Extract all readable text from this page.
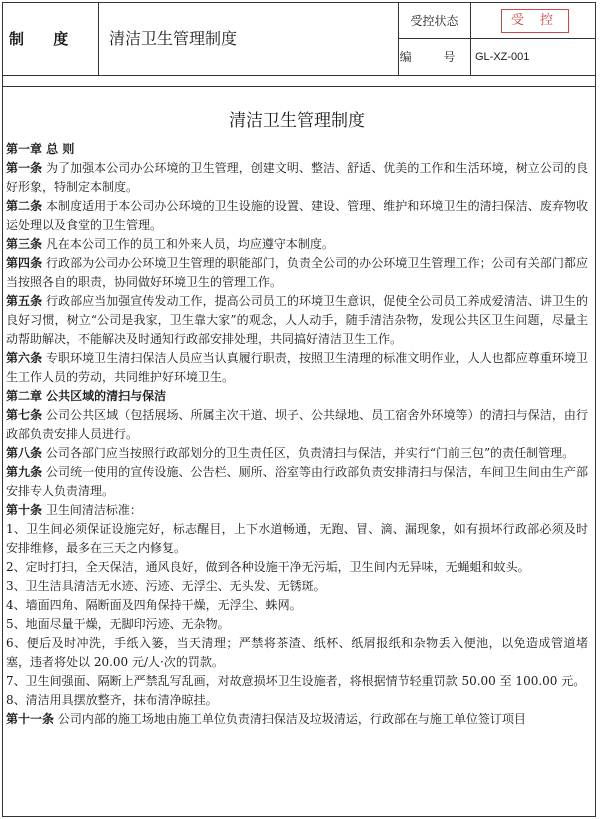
制 度	清洁卫生管理制度
受控状态	受 控
编 号 GL-XZ-001
清洁卫生管理制度

第一章 总 则

第一条 为了加强本公司办公环境的卫生管理，创建文明、整洁、舒适、优美的工作和生活环境，树立公司的良好形象，特制定本制度。

第二条 本制度适用于本公司办公环境的卫生设施的设置、建设、管理、维护和环境卫生的清扫保洁、废弃物收运处理以及食堂的卫生管理。

第三条 凡在本公司工作的员工和外来人员，均应遵守本制度。

第四条 行政部为公司办公环境卫生管理的职能部门，负责全公司的办公环境卫生管理工作；公司有关部门都应当按照各自的职责，协同做好环境卫生的管理工作。

第五条 行政部应当加强宣传发动工作，提高公司员工的环境卫生意识，促使全公司员工养成爱清洁、讲卫生的良好习惯，树立“公司是我家，卫生靠大家”的观念，人人动手，随手清洁杂物，发现公共区卫生问题，尽量主动帮助解决，不能解决及时通知行政部安排处理，共同搞好清洁卫生工作。

第六条 专职环境卫生清扫保洁人员应当认真履行职责，按照卫生清理的标准文明作业，人人也都应尊重环境卫生工作人员的劳动，共同维护好环境卫生。

第二章 公共区域的清扫与保洁

第七条 公司公共区域（包括展场、所属主次干道、坝子、公共绿地、员工宿舍外环境等）的清扫与保洁，由行政部负责安排人员进行。

第八条 公司各部门应当按照行政部划分的卫生责任区，负责清扫与保洁，并实行“门前三包”的责任制管理。

第九条 公司统一使用的宣传设施、公告栏、厕所、浴室等由行政部负责安排清扫与保洁，车间卫生间由生产部安排专人负责清理。

第十条 卫生间清洁标准：

1、卫生间必须保证设施完好，标志醒目，上下水道畅通，无跑、冒、滴、漏现象，如有损坏行政部必须及时安排维修，最多在三天之内修复。

2、定时打扫，全天保洁，通风良好，做到各种设施干净无污垢，卫生间内无异味，无蝇蛆和蚊头。

3、卫生洁具清洁无水迹、污迹、无浮尘、无头发、无锈斑。

4、墙面四角、隔断面及四角保持干燥，无浮尘、蛛网。

5、地面尽量干燥，无脚印污迹、无杂物。

6、便后及时冲洗，手纸入篓，当天清理；严禁将茶渣、纸杯、纸屑报纸和杂物丢入便池，以免造成管道堵塞，违者将处以 20.00 元/人·次的罚款。

7、卫生间强面、隔断上严禁乱写乱画，对故意损坏卫生设施者，将根据情节轻重罚款 50.00 至 100.00 元。

8、清洁用具摆放整齐，抹布清净晾挂。

第十一条 公司内部的施工场地由施工单位负责清扫保洁及垃圾清运，行政部在与施工单位签订项目
